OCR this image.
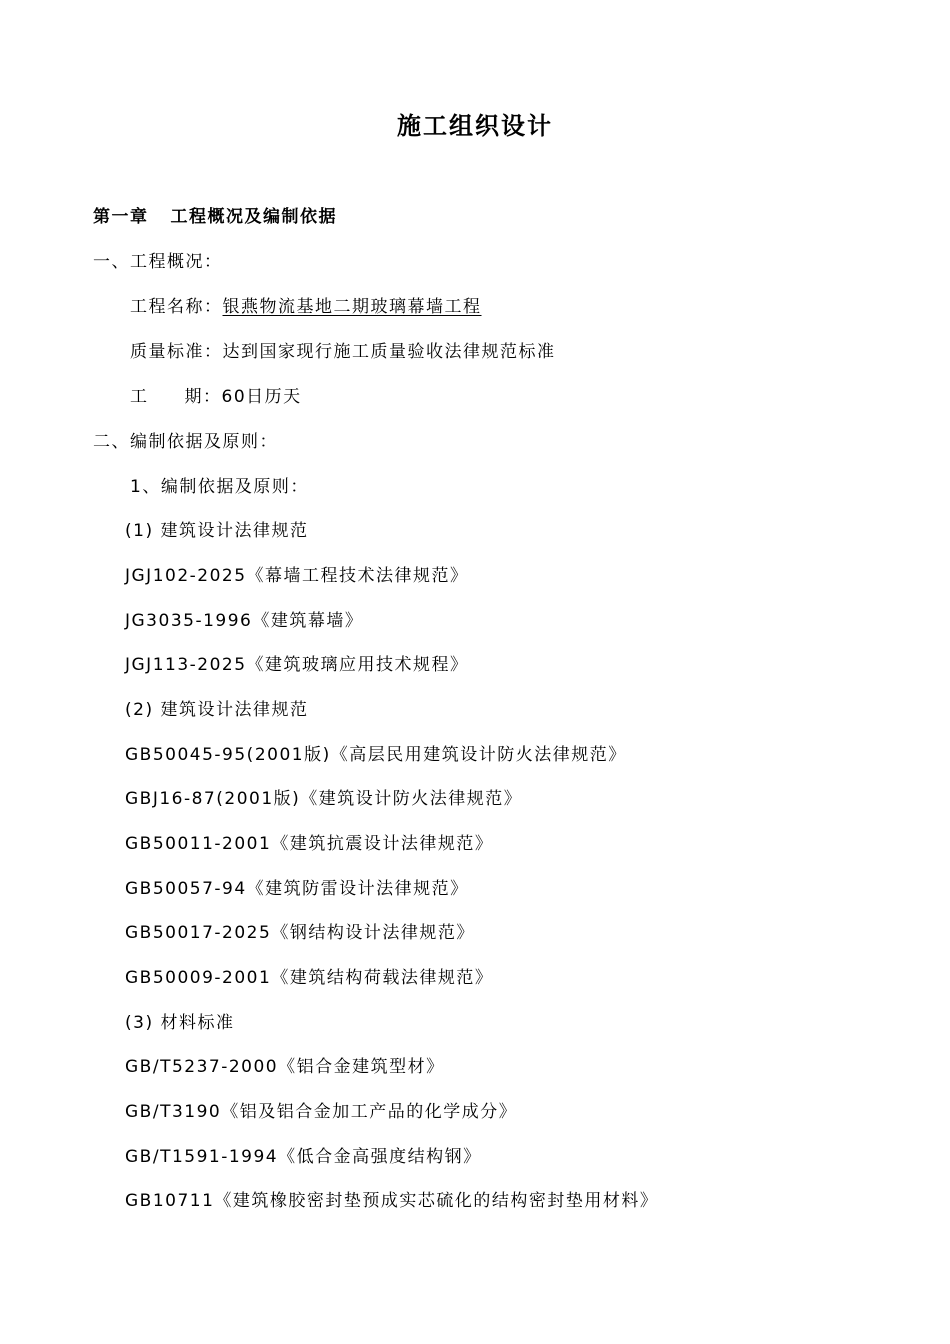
施工组织设计
第一章 工程概况及编制依据
一、工程概况：
工程名称：银燕物流基地二期玻璃幕墙工程
质量标准：达到国家现行施工质量验收法律规范标准
工 期：60日历天
二、编制依据及原则：
1、编制依据及原则：
(1) 建筑设计法律规范
JGJ102-2025《幕墙工程技术法律规范》
JG3035-1996《建筑幕墙》
JGJ113-2025《建筑玻璃应用技术规程》
(2) 建筑设计法律规范
GB50045-95(2001版)《高层民用建筑设计防火法律规范》
GBJ16-87(2001版)《建筑设计防火法律规范》
GB50011-2001《建筑抗震设计法律规范》
GB50057-94《建筑防雷设计法律规范》
GB50017-2025《钢结构设计法律规范》
GB50009-2001《建筑结构荷载法律规范》
(3) 材料标准
GB/T5237-2000《铝合金建筑型材》
GB/T3190《铝及铝合金加工产品的化学成分》
GB/T1591-1994《低合金高强度结构钢》
GB10711《建筑橡胶密封垫预成实芯硫化的结构密封垫用材料》
